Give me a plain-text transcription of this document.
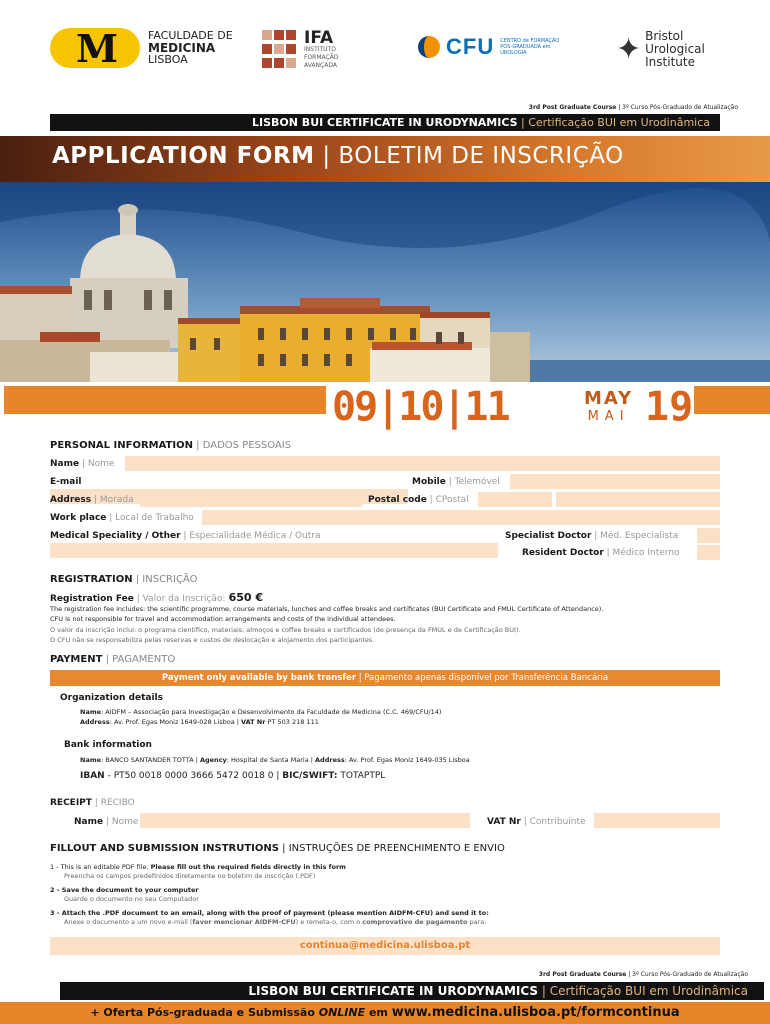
M	FACULDADE DE
MEDICINA
LISBOA
IFA
INSTITUTO
FORMAÇÃO
AVANÇADA
CFU CENTRO de FORMAÇÃO PÓS-GRADUADA em UROLOGIA	✦ Bristol
Urological
Institute
3rd Post Graduate Course | 3º Curso Pós-Graduado de Atualização
LISBON BUI CERTIFICATE IN URODYNAMICS | Certificação BUI em Urodinâmica
APPLICATION FORM | BOLETIM DE INSCRIÇÃO
09|10|11	MAY
MAI 19
PERSONAL INFORMATION | DADOS PESSOAIS
Name | Nome
E-mail	Mobile | Telemóvel
Address | Morada	Postal code | CPostal
Work place | Local de Trabalho
Medical Speciality / Other | Especialidade Médica / Outra	Specialist Doctor | Méd. Especialista
Resident Doctor | Médico Interno
REGISTRATION | INSCRIÇÃO
Registration Fee | Valor da Inscrição: 650 €
The registration fee includes: the scientific programme, course materials, lunches and coffee breaks and certificates (BUI Certificate and FMUL Certificate of Attendance).
CFU is not responsible for travel and accommodation arrangements and costs of the individual attendees.
O valor da inscrição inclui: o programa científico, materiais, almoços e coffee breaks e certificados (de presença da FMUL e de Certificação BUI).
O CFU não se responsabiliza pelas reservas e custos de deslocação e alojamento dos participantes.
PAYMENT | PAGAMENTO
Payment only available by bank transfer | Pagamento apenas disponível por Transferência Bancária
Organization details
Name: AIDFM – Associação para Investigação e Desenvolvimento da Faculdade de Medicina (C.C. 469/CFU/14)
Address: Av. Prof. Egas Moniz 1649-028 Lisboa | VAT Nr PT 503 218 111
Bank information
Name: BANCO SANTANDER TOTTA | Agency: Hospital de Santa Maria | Address: Av. Prof. Egas Moniz 1649-035 Lisboa
IBAN - PT50 0018 0000 3666 5472 0018 0 | BIC/SWIFT: TOTAPTPL
RECEIPT | RECIBO
Name | Nome	VAT Nr | Contribuinte
FILLOUT AND SUBMISSION INSTRUTIONS | INSTRUÇÕES DE PREENCHIMENTO E ENVIO
1 - This is an editable PDF file. Please fill out the required fields directly in this form
Preencha os campos predefinidos diretamente no boletim de inscrição (.PDF)
2 - Save the document to your computer
Guarde o documento no seu Computador
3 - Attach the .PDF document to an email, along with the proof of payment (please mention AIDFM-CFU) and send it to:
Anexe o documento a um novo e-mail (favor mencionar AIDFM-CFU) e remeta-o, com o comprovativo de pagamento para:
continua@medicina.ulisboa.pt
3rd Post Graduate Course | 3º Curso Pós-Graduado de Atualização
LISBON BUI CERTIFICATE IN URODYNAMICS | Certificação BUI em Urodinâmica
+ Oferta Pós-graduada e Submissão ONLINE em www.medicina.ulisboa.pt/formcontinua
